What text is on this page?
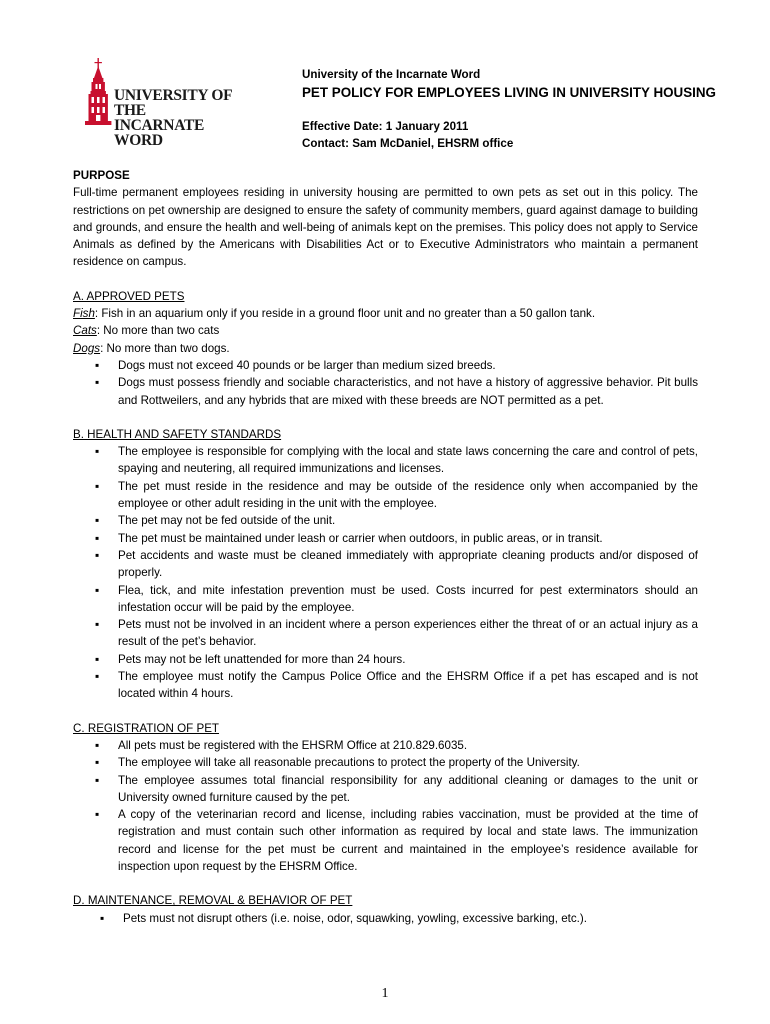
UNIVERSITY OF THE
INCARNATE WORD
University of the Incarnate Word
PET POLICY FOR EMPLOYEES LIVING IN UNIVERSITY HOUSING
Effective Date: 1 January 2011
Contact: Sam McDaniel, EHSRM office
PURPOSE

Full-time permanent employees residing in university housing are permitted to own pets as set out in this policy. The restrictions on pet ownership are designed to ensure the safety of community members, guard against damage to building and grounds, and ensure the health and well-being of animals kept on the premises. This policy does not apply to Service Animals as defined by the Americans with Disabilities Act or to Executive Administrators who maintain a permanent residence on campus.

A. APPROVED PETS
Fish: Fish in an aquarium only if you reside in a ground floor unit and no greater than a 50 gallon tank.
Cats: No more than two cats
Dogs: No more than two dogs.
▪ Dogs must not exceed 40 pounds or be larger than medium sized breeds.
▪ Dogs must possess friendly and sociable characteristics, and not have a history of aggressive behavior. Pit bulls and Rottweilers, and any hybrids that are mixed with these breeds are NOT permitted as a pet.
B. HEALTH AND SAFETY STANDARDS
▪ The employee is responsible for complying with the local and state laws concerning the care and control of pets, spaying and neutering, all required immunizations and licenses.
▪ The pet must reside in the residence and may be outside of the residence only when accompanied by the employee or other adult residing in the unit with the employee.
▪ The pet may not be fed outside of the unit.
▪ The pet must be maintained under leash or carrier when outdoors, in public areas, or in transit.
▪ Pet accidents and waste must be cleaned immediately with appropriate cleaning products and/or disposed of properly.
▪ Flea, tick, and mite infestation prevention must be used. Costs incurred for pest exterminators should an infestation occur will be paid by the employee.
▪ Pets must not be involved in an incident where a person experiences either the threat of or an actual injury as a result of the pet’s behavior.
▪ Pets may not be left unattended for more than 24 hours.
▪ The employee must notify the Campus Police Office and the EHSRM Office if a pet has escaped and is not located within 4 hours.
C. REGISTRATION OF PET
▪ All pets must be registered with the EHSRM Office at 210.829.6035.
▪ The employee will take all reasonable precautions to protect the property of the University.
▪ The employee assumes total financial responsibility for any additional cleaning or damages to the unit or University owned furniture caused by the pet.
▪ A copy of the veterinarian record and license, including rabies vaccination, must be provided at the time of registration and must contain such other information as required by local and state laws. The immunization record and license for the pet must be current and maintained in the employee’s residence available for inspection upon request by the EHSRM Office.
D. MAINTENANCE, REMOVAL & BEHAVIOR OF PET
▪ Pets must not disrupt others (i.e. noise, odor, squawking, yowling, excessive barking, etc.).
1
